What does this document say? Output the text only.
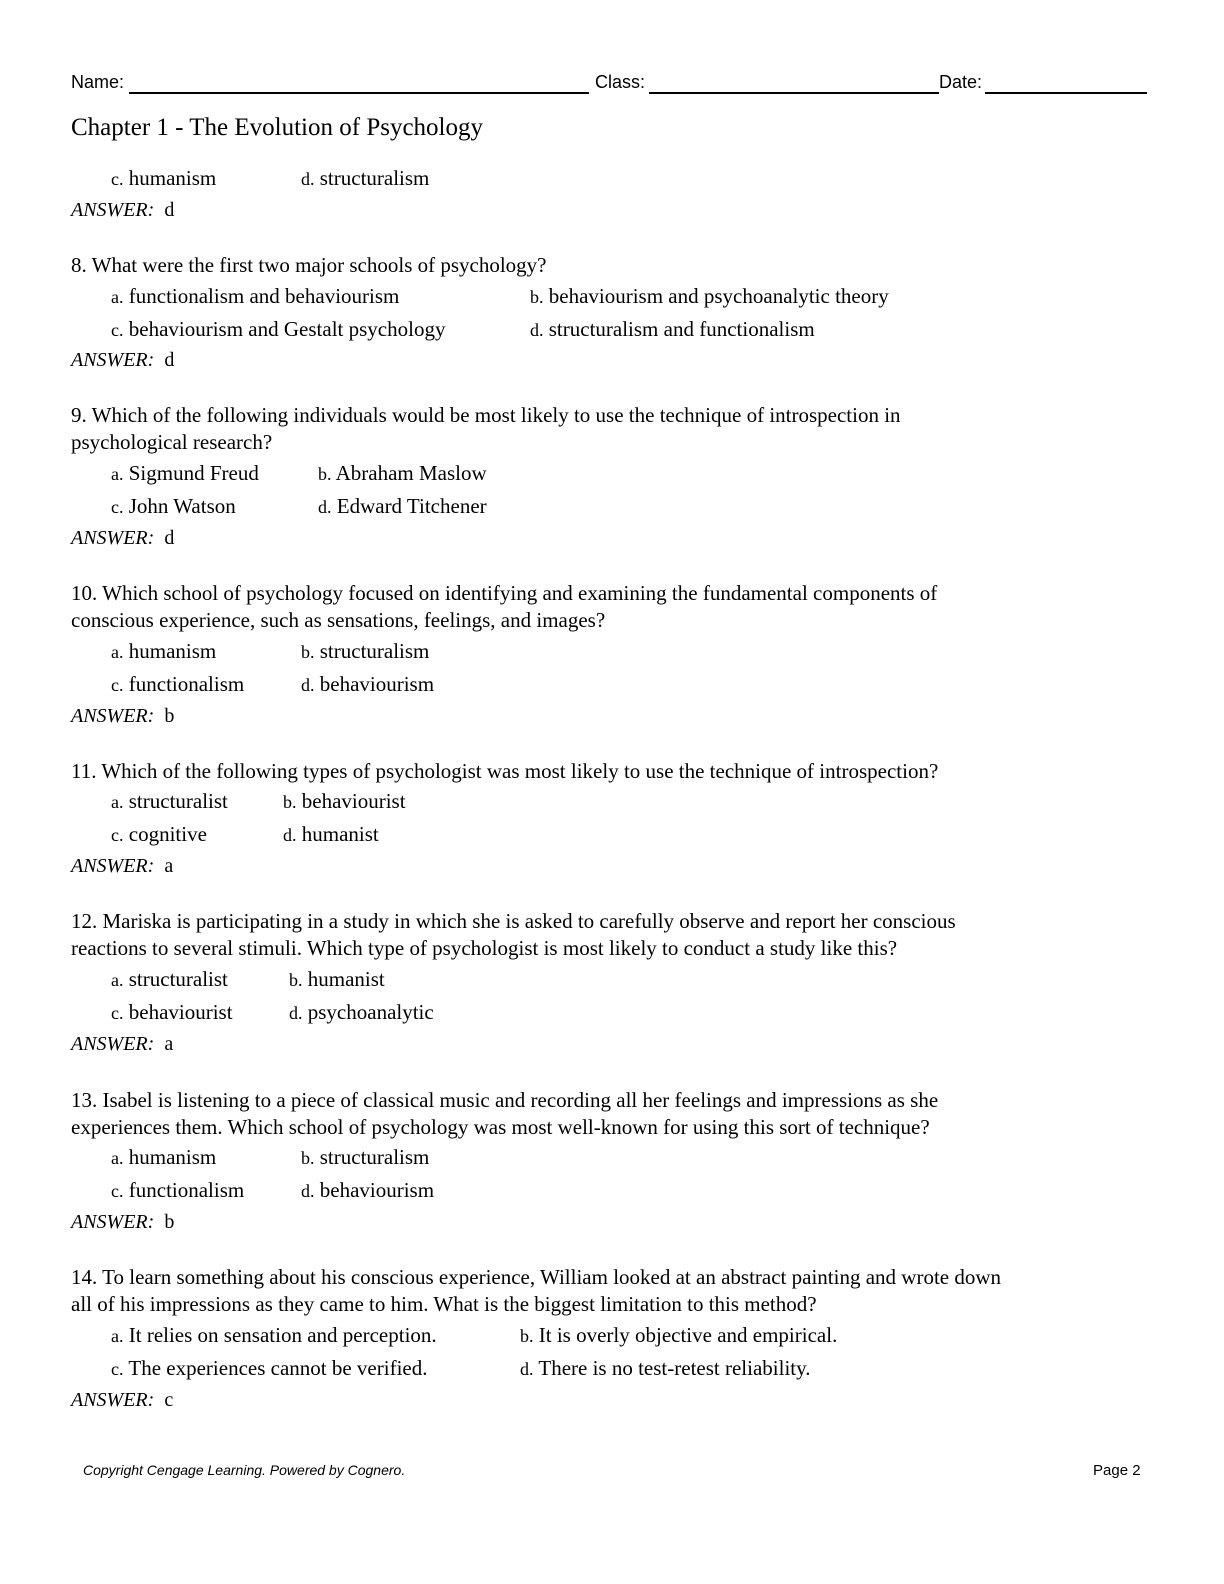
Name:	Class:	Date:
Chapter 1 - The Evolution of Psychology
c. humanism	d. structuralism
ANSWER: d
8. What were the first two major schools of psychology?
a. functionalism and behaviourism	b. behaviourism and psychoanalytic theory
c. behaviourism and Gestalt psychology	d. structuralism and functionalism
ANSWER: d
9. Which of the following individuals would be most likely to use the technique of introspection in
psychological research?
a. Sigmund Freud	b. Abraham Maslow
c. John Watson	d. Edward Titchener
ANSWER: d
10. Which school of psychology focused on identifying and examining the fundamental components of
conscious experience, such as sensations, feelings, and images?
a. humanism	b. structuralism
c. functionalism	d. behaviourism
ANSWER: b
11. Which of the following types of psychologist was most likely to use the technique of introspection?
a. structuralist	b. behaviourist
c. cognitive	d. humanist
ANSWER: a
12. Mariska is participating in a study in which she is asked to carefully observe and report her conscious
reactions to several stimuli. Which type of psychologist is most likely to conduct a study like this?
a. structuralist	b. humanist
c. behaviourist	d. psychoanalytic
ANSWER: a
13. Isabel is listening to a piece of classical music and recording all her feelings and impressions as she
experiences them. Which school of psychology was most well-known for using this sort of technique?
a. humanism	b. structuralism
c. functionalism	d. behaviourism
ANSWER: b
14. To learn something about his conscious experience, William looked at an abstract painting and wrote down
all of his impressions as they came to him. What is the biggest limitation to this method?
a. It relies on sensation and perception.	b. It is overly objective and empirical.
c. The experiences cannot be verified.	d. There is no test-retest reliability.
ANSWER: c
Copyright Cengage Learning. Powered by Cognero.	Page 2
